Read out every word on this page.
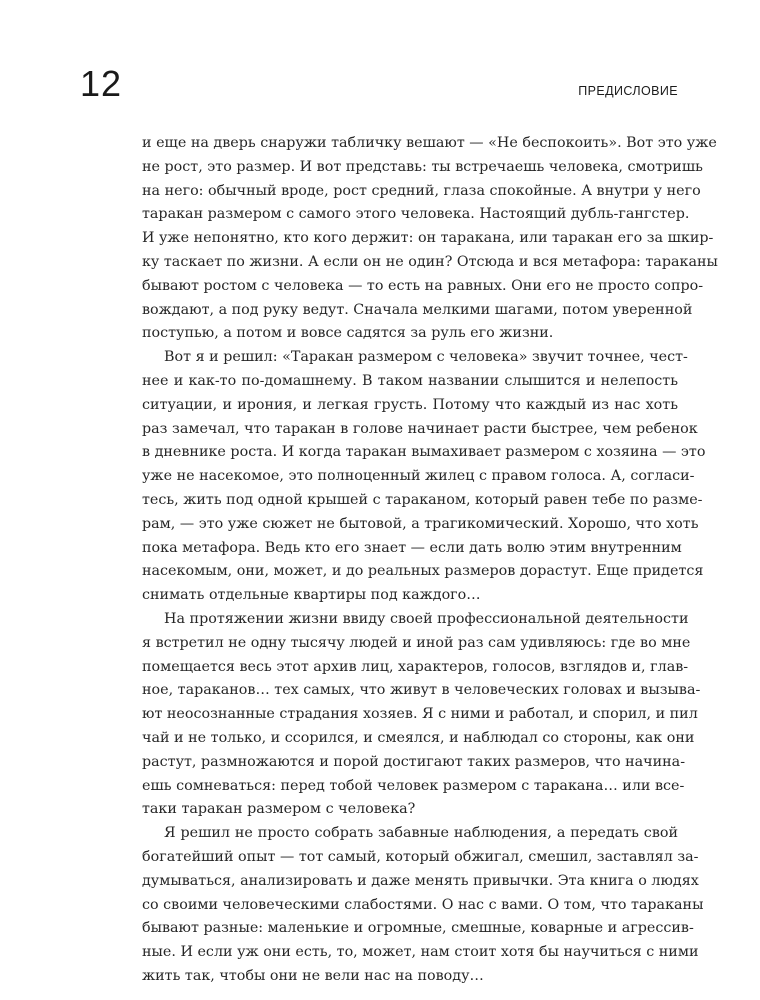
12	ПРЕДИСЛОВИЕ
и еще на дверь снаружи табличку вешают — «Не беспокоить». Вот это уже
не рост, это размер. И вот представь: ты встречаешь человека, смотришь
на него: обычный вроде, рост средний, глаза спокойные. А внутри у него
таракан размером с самого этого человека. Настоящий дубль-гангстер.
И уже непонятно, кто кого держит: он таракана, или таракан его за шкир-
ку таскает по жизни. А если он не один? Отсюда и вся метафора: тараканы
бывают ростом с человека — то есть на равных. Они его не просто сопро-
вождают, а под руку ведут. Сначала мелкими шагами, потом уверенной
поступью, а потом и вовсе садятся за руль его жизни.
Вот я и решил: «Таракан размером с человека» звучит точнее, чест-
нее и как-то по-домашнему. В таком названии слышится и нелепость
ситуации, и ирония, и легкая грусть. Потому что каждый из нас хоть
раз замечал, что таракан в голове начинает расти быстрее, чем ребенок
в дневнике роста. И когда таракан вымахивает размером с хозяина — это
уже не насекомое, это полноценный жилец с правом голоса. А, согласи-
тесь, жить под одной крышей с тараканом, который равен тебе по разме-
рам, — это уже сюжет не бытовой, а трагикомический. Хорошо, что хоть
пока метафора. Ведь кто его знает — если дать волю этим внутренним
насекомым, они, может, и до реальных размеров дорастут. Еще придется
снимать отдельные квартиры под каждого…
На протяжении жизни ввиду своей профессиональной деятельности
я встретил не одну тысячу людей и иной раз сам удивляюсь: где во мне
помещается весь этот архив лиц, характеров, голосов, взглядов и, глав-
ное, тараканов… тех самых, что живут в человеческих головах и вызыва-
ют неосознанные страдания хозяев. Я с ними и работал, и спорил, и пил
чай и не только, и ссорился, и смеялся, и наблюдал со стороны, как они
растут, размножаются и порой достигают таких размеров, что начина-
ешь сомневаться: перед тобой человек размером с таракана… или все-
таки таракан размером с человека?
Я решил не просто собрать забавные наблюдения, а передать свой
богатейший опыт — тот самый, который обжигал, смешил, заставлял за-
думываться, анализировать и даже менять привычки. Эта книга о людях
со своими человеческими слабостями. О нас с вами. О том, что тараканы
бывают разные: маленькие и огромные, смешные, коварные и агрессив-
ные. И если уж они есть, то, может, нам стоит хотя бы научиться с ними
жить так, чтобы они не вели нас на поводу…
